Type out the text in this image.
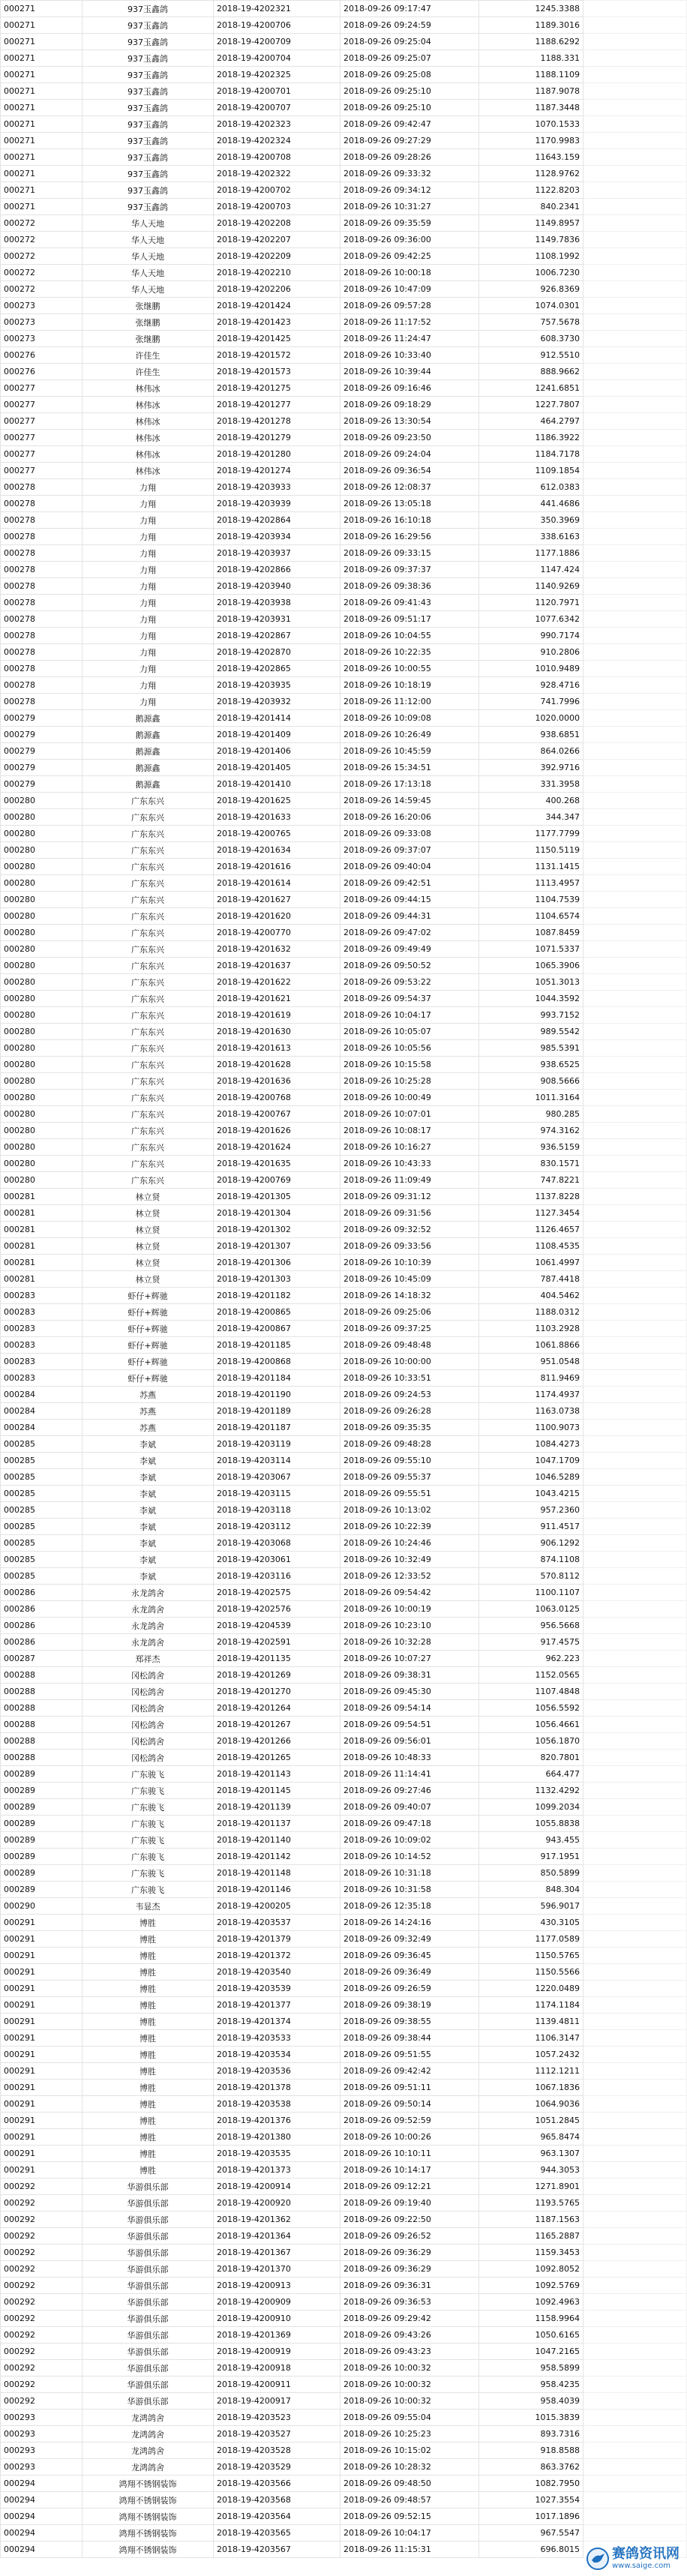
000271	937玉鑫鸽	2018-19-4202321	2018-09-26 09:17:47	1245.3388	
000271	937玉鑫鸽	2018-19-4200706	2018-09-26 09:24:59	1189.3016	
000271	937玉鑫鸽	2018-19-4200709	2018-09-26 09:25:04	1188.6292	
000271	937玉鑫鸽	2018-19-4200704	2018-09-26 09:25:07	1188.331	
000271	937玉鑫鸽	2018-19-4202325	2018-09-26 09:25:08	1188.1109	
000271	937玉鑫鸽	2018-19-4200701	2018-09-26 09:25:10	1187.9078	
000271	937玉鑫鸽	2018-19-4200707	2018-09-26 09:25:10	1187.3448	
000271	937玉鑫鸽	2018-19-4202323	2018-09-26 09:42:47	1070.1533	
000271	937玉鑫鸽	2018-19-4202324	2018-09-26 09:27:29	1170.9983	
000271	937玉鑫鸽	2018-19-4200708	2018-09-26 09:28:26	11643.159	
000271	937玉鑫鸽	2018-19-4202322	2018-09-26 09:33:32	1128.9762	
000271	937玉鑫鸽	2018-19-4200702	2018-09-26 09:34:12	1122.8203	
000271	937玉鑫鸽	2018-19-4200703	2018-09-26 10:31:27	840.2341	
000272	华人天地	2018-19-4202208	2018-09-26 09:35:59	1149.8957	
000272	华人天地	2018-19-4202207	2018-09-26 09:36:00	1149.7836	
000272	华人天地	2018-19-4202209	2018-09-26 09:42:25	1108.1992	
000272	华人天地	2018-19-4202210	2018-09-26 10:00:18	1006.7230	
000272	华人天地	2018-19-4202206	2018-09-26 10:47:09	926.8369	
000273	张继鹏	2018-19-4201424	2018-09-26 09:57:28	1074.0301	
000273	张继鹏	2018-19-4201423	2018-09-26 11:17:52	757.5678	
000273	张继鹏	2018-19-4201425	2018-09-26 11:24:47	608.3730	
000276	许佳生	2018-19-4201572	2018-09-26 10:33:40	912.5510	
000276	许佳生	2018-19-4201573	2018-09-26 10:39:44	888.9662	
000277	林伟冰	2018-19-4201275	2018-09-26 09:16:46	1241.6851	
000277	林伟冰	2018-19-4201277	2018-09-26 09:18:29	1227.7807	
000277	林伟冰	2018-19-4201278	2018-09-26 13:30:54	464.2797	
000277	林伟冰	2018-19-4201279	2018-09-26 09:23:50	1186.3922	
000277	林伟冰	2018-19-4201280	2018-09-26 09:24:04	1184.7178	
000277	林伟冰	2018-19-4201274	2018-09-26 09:36:54	1109.1854	
000278	力翔	2018-19-4203933	2018-09-26 12:08:37	612.0383	
000278	力翔	2018-19-4203939	2018-09-26 13:05:18	441.4686	
000278	力翔	2018-19-4202864	2018-09-26 16:10:18	350.3969	
000278	力翔	2018-19-4203934	2018-09-26 16:29:56	338.6163	
000278	力翔	2018-19-4203937	2018-09-26 09:33:15	1177.1886	
000278	力翔	2018-19-4202866	2018-09-26 09:37:37	1147.424	
000278	力翔	2018-19-4203940	2018-09-26 09:38:36	1140.9269	
000278	力翔	2018-19-4203938	2018-09-26 09:41:43	1120.7971	
000278	力翔	2018-19-4203931	2018-09-26 09:51:17	1077.6342	
000278	力翔	2018-19-4202867	2018-09-26 10:04:55	990.7174	
000278	力翔	2018-19-4202870	2018-09-26 10:22:35	910.2806	
000278	力翔	2018-19-4202865	2018-09-26 10:00:55	1010.9489	
000278	力翔	2018-19-4203935	2018-09-26 10:18:19	928.4716	
000278	力翔	2018-19-4203932	2018-09-26 11:12:00	741.7996	
000279	鹅源鑫	2018-19-4201414	2018-09-26 10:09:08	1020.0000	
000279	鹅源鑫	2018-19-4201409	2018-09-26 10:26:49	938.6851	
000279	鹅源鑫	2018-19-4201406	2018-09-26 10:45:59	864.0266	
000279	鹅源鑫	2018-19-4201405	2018-09-26 15:34:51	392.9716	
000279	鹅源鑫	2018-19-4201410	2018-09-26 17:13:18	331.3958	
000280	广东东兴	2018-19-4201625	2018-09-26 14:59:45	400.268	
000280	广东东兴	2018-19-4201633	2018-09-26 16:20:06	344.347	
000280	广东东兴	2018-19-4200765	2018-09-26 09:33:08	1177.7799	
000280	广东东兴	2018-19-4201634	2018-09-26 09:37:07	1150.5119	
000280	广东东兴	2018-19-4201616	2018-09-26 09:40:04	1131.1415	
000280	广东东兴	2018-19-4201614	2018-09-26 09:42:51	1113.4957	
000280	广东东兴	2018-19-4201627	2018-09-26 09:44:15	1104.7539	
000280	广东东兴	2018-19-4201620	2018-09-26 09:44:31	1104.6574	
000280	广东东兴	2018-19-4200770	2018-09-26 09:47:02	1087.8459	
000280	广东东兴	2018-19-4201632	2018-09-26 09:49:49	1071.5337	
000280	广东东兴	2018-19-4201637	2018-09-26 09:50:52	1065.3906	
000280	广东东兴	2018-19-4201622	2018-09-26 09:53:22	1051.3013	
000280	广东东兴	2018-19-4201621	2018-09-26 09:54:37	1044.3592	
000280	广东东兴	2018-19-4201619	2018-09-26 10:04:17	993.7152	
000280	广东东兴	2018-19-4201630	2018-09-26 10:05:07	989.5542	
000280	广东东兴	2018-19-4201613	2018-09-26 10:05:56	985.5391	
000280	广东东兴	2018-19-4201628	2018-09-26 10:15:58	938.6525	
000280	广东东兴	2018-19-4201636	2018-09-26 10:25:28	908.5666	
000280	广东东兴	2018-19-4200768	2018-09-26 10:00:49	1011.3164	
000280	广东东兴	2018-19-4200767	2018-09-26 10:07:01	980.285	
000280	广东东兴	2018-19-4201626	2018-09-26 10:08:17	974.3162	
000280	广东东兴	2018-19-4201624	2018-09-26 10:16:27	936.5159	
000280	广东东兴	2018-19-4201635	2018-09-26 10:43:33	830.1571	
000280	广东东兴	2018-19-4200769	2018-09-26 11:09:49	747.8221	
000281	林立贤	2018-19-4201305	2018-09-26 09:31:12	1137.8228	
000281	林立贤	2018-19-4201304	2018-09-26 09:31:56	1127.3454	
000281	林立贤	2018-19-4201302	2018-09-26 09:32:52	1126.4657	
000281	林立贤	2018-19-4201307	2018-09-26 09:33:56	1108.4535	
000281	林立贤	2018-19-4201306	2018-09-26 10:10:39	1061.4997	
000281	林立贤	2018-19-4201303	2018-09-26 10:45:09	787.4418	
000283	虾仔+辉驰	2018-19-4201182	2018-09-26 14:18:32	404.5462	
000283	虾仔+辉驰	2018-19-4200865	2018-09-26 09:25:06	1188.0312	
000283	虾仔+辉驰	2018-19-4200867	2018-09-26 09:37:25	1103.2928	
000283	虾仔+辉驰	2018-19-4201185	2018-09-26 09:48:48	1061.8866	
000283	虾仔+辉驰	2018-19-4200868	2018-09-26 10:00:00	951.0548	
000283	虾仔+辉驰	2018-19-4201184	2018-09-26 10:33:51	811.9469	
000284	苏燕	2018-19-4201190	2018-09-26 09:24:53	1174.4937	
000284	苏燕	2018-19-4201189	2018-09-26 09:26:28	1163.0738	
000284	苏燕	2018-19-4201187	2018-09-26 09:35:35	1100.9073	
000285	李斌	2018-19-4203119	2018-09-26 09:48:28	1084.4273	
000285	李斌	2018-19-4203114	2018-09-26 09:55:10	1047.1709	
000285	李斌	2018-19-4203067	2018-09-26 09:55:37	1046.5289	
000285	李斌	2018-19-4203115	2018-09-26 09:55:51	1043.4215	
000285	李斌	2018-19-4203118	2018-09-26 10:13:02	957.2360	
000285	李斌	2018-19-4203112	2018-09-26 10:22:39	911.4517	
000285	李斌	2018-19-4203068	2018-09-26 10:24:46	906.1292	
000285	李斌	2018-19-4203061	2018-09-26 10:32:49	874.1108	
000285	李斌	2018-19-4203116	2018-09-26 12:33:52	570.8112	
000286	永龙鸽舍	2018-19-4202575	2018-09-26 09:54:42	1100.1107	
000286	永龙鸽舍	2018-19-4202576	2018-09-26 10:00:19	1063.0125	
000286	永龙鸽舍	2018-19-4204539	2018-09-26 10:23:10	956.5668	
000286	永龙鸽舍	2018-19-4202591	2018-09-26 10:32:28	917.4575	
000287	郑祥杰	2018-19-4201135	2018-09-26 10:07:27	962.223	
000288	冈松鸽舍	2018-19-4201269	2018-09-26 09:38:31	1152.0565	
000288	冈松鸽舍	2018-19-4201270	2018-09-26 09:45:30	1107.4848	
000288	冈松鸽舍	2018-19-4201264	2018-09-26 09:54:14	1056.5592	
000288	冈松鸽舍	2018-19-4201267	2018-09-26 09:54:51	1056.4661	
000288	冈松鸽舍	2018-19-4201266	2018-09-26 09:56:01	1056.1870	
000288	冈松鸽舍	2018-19-4201265	2018-09-26 10:48:33	820.7801	
000289	广东骏飞	2018-19-4201143	2018-09-26 11:14:41	664.477	
000289	广东骏飞	2018-19-4201145	2018-09-26 09:27:46	1132.4292	
000289	广东骏飞	2018-19-4201139	2018-09-26 09:40:07	1099.2034	
000289	广东骏飞	2018-19-4201137	2018-09-26 09:47:18	1055.8838	
000289	广东骏飞	2018-19-4201140	2018-09-26 10:09:02	943.455	
000289	广东骏飞	2018-19-4201142	2018-09-26 10:14:52	917.1951	
000289	广东骏飞	2018-19-4201148	2018-09-26 10:31:18	850.5899	
000289	广东骏飞	2018-19-4201146	2018-09-26 10:31:58	848.304	
000290	韦显杰	2018-19-4200205	2018-09-26 12:35:18	596.9017	
000291	博胜	2018-19-4203537	2018-09-26 14:24:16	430.3105	
000291	博胜	2018-19-4201379	2018-09-26 09:32:49	1177.0589	
000291	博胜	2018-19-4201372	2018-09-26 09:36:45	1150.5765	
000291	博胜	2018-19-4203540	2018-09-26 09:36:49	1150.5566	
000291	博胜	2018-19-4203539	2018-09-26 09:26:59	1220.0489	
000291	博胜	2018-19-4201377	2018-09-26 09:38:19	1174.1184	
000291	博胜	2018-19-4201374	2018-09-26 09:38:55	1139.4811	
000291	博胜	2018-19-4203533	2018-09-26 09:38:44	1106.3147	
000291	博胜	2018-19-4203534	2018-09-26 09:51:55	1057.2432	
000291	博胜	2018-19-4203536	2018-09-26 09:42:42	1112.1211	
000291	博胜	2018-19-4201378	2018-09-26 09:51:11	1067.1836	
000291	博胜	2018-19-4203538	2018-09-26 09:50:14	1064.9036	
000291	博胜	2018-19-4201376	2018-09-26 09:52:59	1051.2845	
000291	博胜	2018-19-4201380	2018-09-26 10:00:26	965.8474	
000291	博胜	2018-19-4203535	2018-09-26 10:10:11	963.1307	
000291	博胜	2018-19-4201373	2018-09-26 10:14:17	944.3053	
000292	华游俱乐部	2018-19-4200914	2018-09-26 09:12:21	1271.8901	
000292	华游俱乐部	2018-19-4200920	2018-09-26 09:19:40	1193.5765	
000292	华游俱乐部	2018-19-4201362	2018-09-26 09:22:50	1187.1563	
000292	华游俱乐部	2018-19-4201364	2018-09-26 09:26:52	1165.2887	
000292	华游俱乐部	2018-19-4201367	2018-09-26 09:36:29	1159.3453	
000292	华游俱乐部	2018-19-4201370	2018-09-26 09:36:29	1092.8052	
000292	华游俱乐部	2018-19-4200913	2018-09-26 09:36:31	1092.5769	
000292	华游俱乐部	2018-19-4200909	2018-09-26 09:36:53	1092.4963	
000292	华游俱乐部	2018-19-4200910	2018-09-26 09:29:42	1158.9964	
000292	华游俱乐部	2018-19-4201369	2018-09-26 09:43:26	1050.6165	
000292	华游俱乐部	2018-19-4200919	2018-09-26 09:43:23	1047.2165	
000292	华游俱乐部	2018-19-4200918	2018-09-26 10:00:32	958.5899	
000292	华游俱乐部	2018-19-4200911	2018-09-26 10:00:32	958.4235	
000292	华游俱乐部	2018-19-4200917	2018-09-26 10:00:32	958.4039	
000293	龙鸿鸽舍	2018-19-4203523	2018-09-26 09:55:04	1015.3839	
000293	龙鸿鸽舍	2018-19-4203527	2018-09-26 10:25:23	893.7316	
000293	龙鸿鸽舍	2018-19-4203528	2018-09-26 10:15:02	918.8588	
000293	龙鸿鸽舍	2018-19-4203529	2018-09-26 10:28:32	863.3762	
000294	鸿翔不锈钢装饰	2018-19-4203566	2018-09-26 09:48:50	1082.7950	
000294	鸿翔不锈钢装饰	2018-19-4203568	2018-09-26 09:48:57	1027.3554	
000294	鸿翔不锈钢装饰	2018-19-4203564	2018-09-26 09:52:15	1017.1896	
000294	鸿翔不锈钢装饰	2018-19-4203565	2018-09-26 10:04:17	967.5547	
000294	鸿翔不锈钢装饰	2018-19-4203567	2018-09-26 11:15:31	696.8015	赛鸽资讯网
www.saige.com
